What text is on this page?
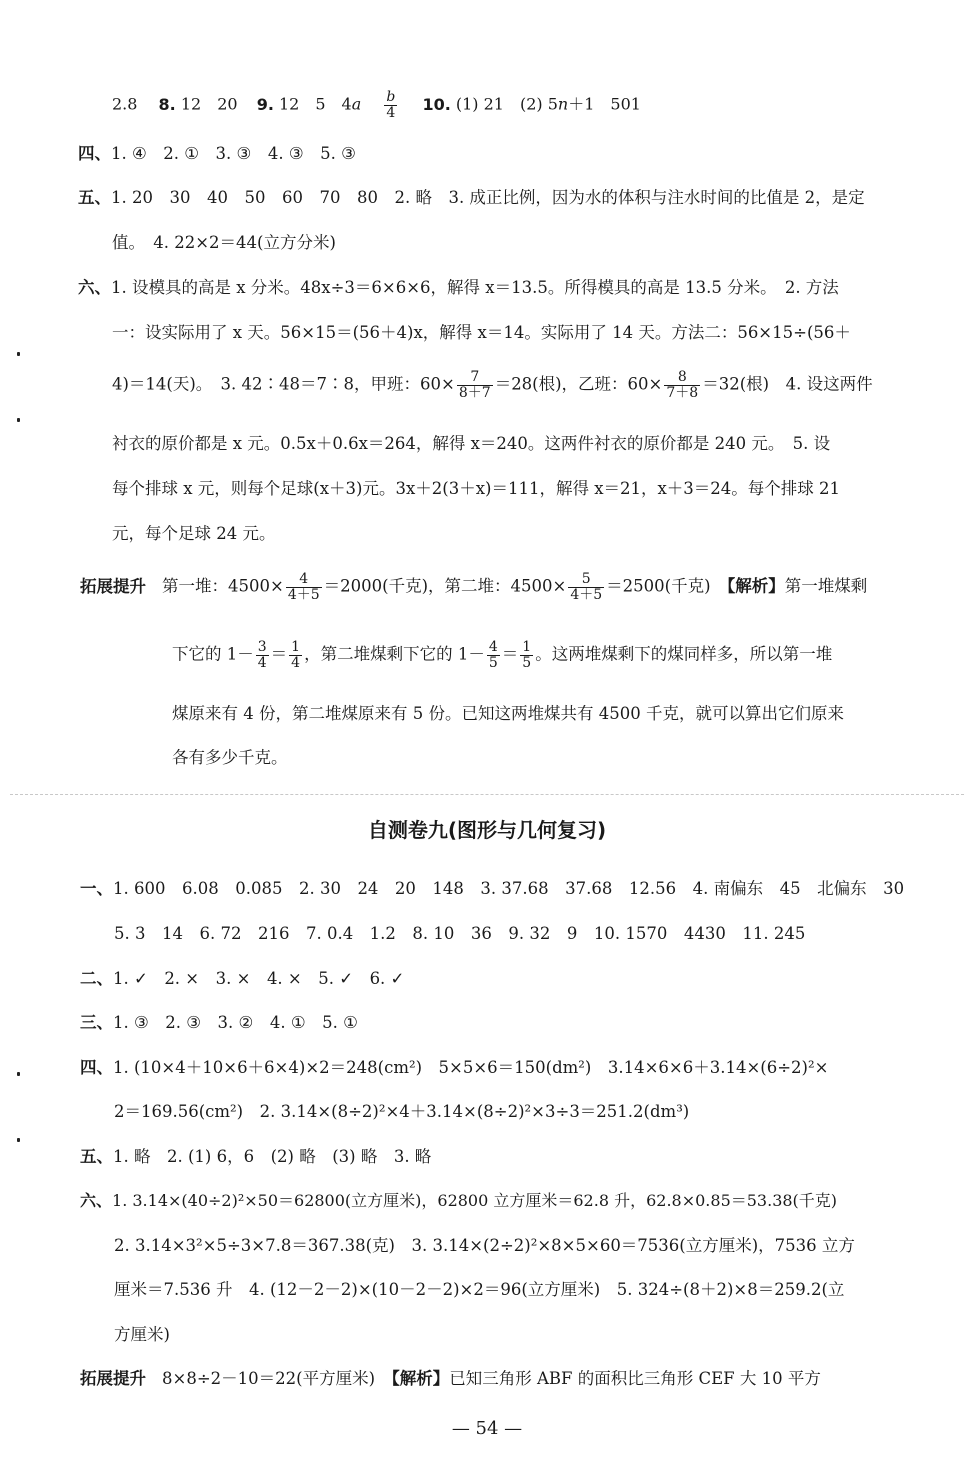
2.8 8. 12　20 9. 12　5　$4a \frac{b}{4} 10$. (1) 21　(2) 5n＋1　501
四、1. ④　2. ①　3. ③　4. ③　5. ③
五、1. 20　30　40　50　60　70　80　2. 略　3. 成正比例，因为水的体积与注水时间的比值是 2，是定
值。　4. 22×2＝44(立方分米)
六、1. 设模具的高是 x 分米。48x÷3＝6×6×6，解得 x＝13.5。所得模具的高是 13.5 分米。　2. 方法
一：设实际用了 x 天。56×15＝(56＋4)x，解得 x＝14。实际用了 14 天。方法二：56×15÷(56＋
4)＝14(天)。　3. 42∶48＝7∶8，甲班：$60\times \frac{7}{8+7} =28$(根)，乙班：$60\times \frac{8}{7+8} =32$(根)　4. 设这两件
衬衣的原价都是 x 元。0.5x＋0.6x＝264，解得 x＝240。这两件衬衣的原价都是 240 元。　5. 设
每个排球 x 元，则每个足球(x＋3)元。3x＋2(3＋x)＝111，解得 x＝21，x＋3＝24。每个排球 21
元，每个足球 24 元。
拓展提升 第一堆：$4500\times \frac{4}{4+5} =2000$(千克)，第二堆：$4500\times \frac{5}{4+5} =2500$(千克)　【解析】第一堆煤剩
下它的 $1- \frac{3}{4} = \frac{1}{4}$ ，第二堆煤剩下它的 $1- \frac{4}{5} = \frac{1}{5}$ 。这两堆煤剩下的煤同样多，所以第一堆
煤原来有 4 份，第二堆煤原来有 5 份。已知这两堆煤共有 4500 千克，就可以算出它们原来
各有多少千克。
自测卷九(图形与几何复习)
一、1. 600　6.08　0.085　2. 30　24　20　148　3. 37.68　37.68　12.56　4. 南偏东　45　北偏东　30
5. 3　14　6. 72　216　7. 0.4　1.2　8. 10　36　9. 32　9　10. 1570　4430　11. 245
二、1. ✓　2. ×　3. ×　4. ×　5. ✓　6. ✓
三、1. ③　2. ③　3. ②　4. ①　5. ①
四、1. (10×4＋10×6＋6×4)×2＝248(cm²)　5×5×6＝150(dm²)　3.14×6×6＋3.14×(6÷2)²×
2＝169.56(cm²)　2. 3.14×(8÷2)²×4＋3.14×(8÷2)²×3÷3＝251.2(dm³)
五、1. 略　2. (1) 6，6　(2) 略　(3) 略　3. 略
六、1. 3.14×(40÷2)²×50＝62800(立方厘米)，62800 立方厘米＝62.8 升，62.8×0.85＝53.38(千克)
2. 3.14×3²×5÷3×7.8＝367.38(克)　3. 3.14×(2÷2)²×8×5×60＝7536(立方厘米)，7536 立方
厘米＝7.536 升　4. (12－2－2)×(10－2－2)×2＝96(立方厘米)　5. 324÷(8＋2)×8＝259.2(立
方厘米)
拓展提升 8×8÷2－10＝22(平方厘米)　【解析】已知三角形 ABF 的面积比三角形 CEF 大 10 平方
— 54 —
